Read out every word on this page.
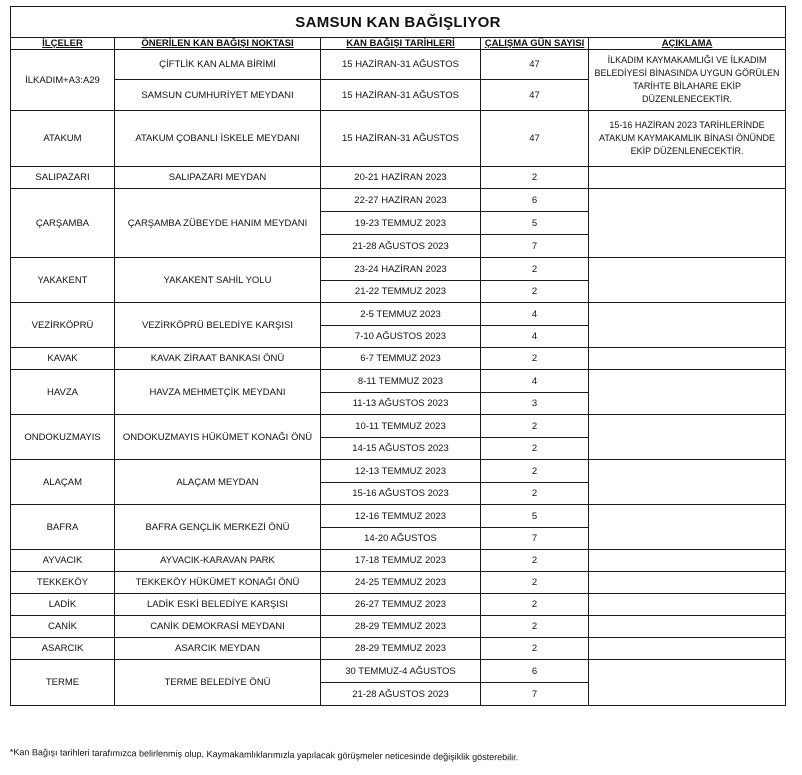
SAMSUN KAN BAĞIŞLIYOR				
İLÇELER	ÖNERİLEN KAN BAĞIŞI NOKTASI	KAN BAĞIŞI TARİHLERİ	ÇALIŞMA GÜN SAYISI	AÇIKLAMA
İLKADIM+A3:A29	ÇİFTLİK KAN ALMA BİRİMİ	15 HAZİRAN-31 AĞUSTOS	47	İLKADIM KAYMAKAMLIĞI VE İLKADIM BELEDİYESİ BİNASINDA UYGUN GÖRÜLEN TARİHTE BİLAHARE EKİP DÜZENLENECEKTİR.
	SAMSUN CUMHURİYET MEYDANI	15 HAZİRAN-31 AĞUSTOS	47	
ATAKUM	ATAKUM ÇOBANLI İSKELE MEYDANI	15 HAZİRAN-31 AĞUSTOS	47	15-16 HAZİRAN 2023 TARİHLERİNDE ATAKUM KAYMAKAMLIK BİNASI ÖNÜNDE EKİP DÜZENLENECEKTİR.
SALIPAZARI	SALIPAZARI MEYDAN	20-21 HAZİRAN 2023	2	
ÇARŞAMBA	ÇARŞAMBA ZÜBEYDE HANIM MEYDANI	22-27 HAZİRAN 2023	6	
		19-23 TEMMUZ 2023	5	
		21-28 AĞUSTOS 2023	7	
YAKAKENT	YAKAKENT SAHİL YOLU	23-24 HAZİRAN 2023	2	
		21-22 TEMMUZ 2023	2	
VEZİRKÖPRÜ	VEZİRKÖPRÜ BELEDİYE KARŞISI	2-5 TEMMUZ 2023	4	
		7-10 AĞUSTOS 2023	4	
KAVAK	KAVAK ZİRAAT BANKASI ÖNÜ	6-7 TEMMUZ 2023	2	
HAVZA	HAVZA MEHMETÇİK MEYDANI	8-11 TEMMUZ 2023	4	
		11-13 AĞUSTOS 2023	3	
ONDOKUZMAYIS	ONDOKUZMAYIS HÜKÜMET KONAĞI ÖNÜ	10-11 TEMMUZ 2023	2	
		14-15 AĞUSTOS 2023	2	
ALAÇAM	ALAÇAM MEYDAN	12-13 TEMMUZ 2023	2	
		15-16 AĞUSTOS 2023	2	
BAFRA	BAFRA GENÇLİK MERKEZİ ÖNÜ	12-16 TEMMUZ 2023	5	
		14-20 AĞUSTOS	7	
AYVACIK	AYVACIK-KARAVAN PARK	17-18 TEMMUZ 2023	2	
TEKKEKÖY	TEKKEKÖY HÜKÜMET KONAĞI ÖNÜ	24-25 TEMMUZ 2023	2	
LADİK	LADİK ESKİ BELEDİYE KARŞISI	26-27 TEMMUZ 2023	2	
CANİK	CANİK DEMOKRASİ MEYDANI	28-29 TEMMUZ 2023	2	
ASARCIK	ASARCIK MEYDAN	28-29 TEMMUZ 2023	2	
TERME	TERME BELEDİYE ÖNÜ	30 TEMMUZ-4 AĞUSTOS	6	
		21-28 AĞUSTOS 2023	7	
*Kan Bağışı tarihleri tarafımızca belirlenmiş olup, Kaymakamlıklarımızla yapılacak görüşmeler neticesinde değişiklik gösterebilir.
